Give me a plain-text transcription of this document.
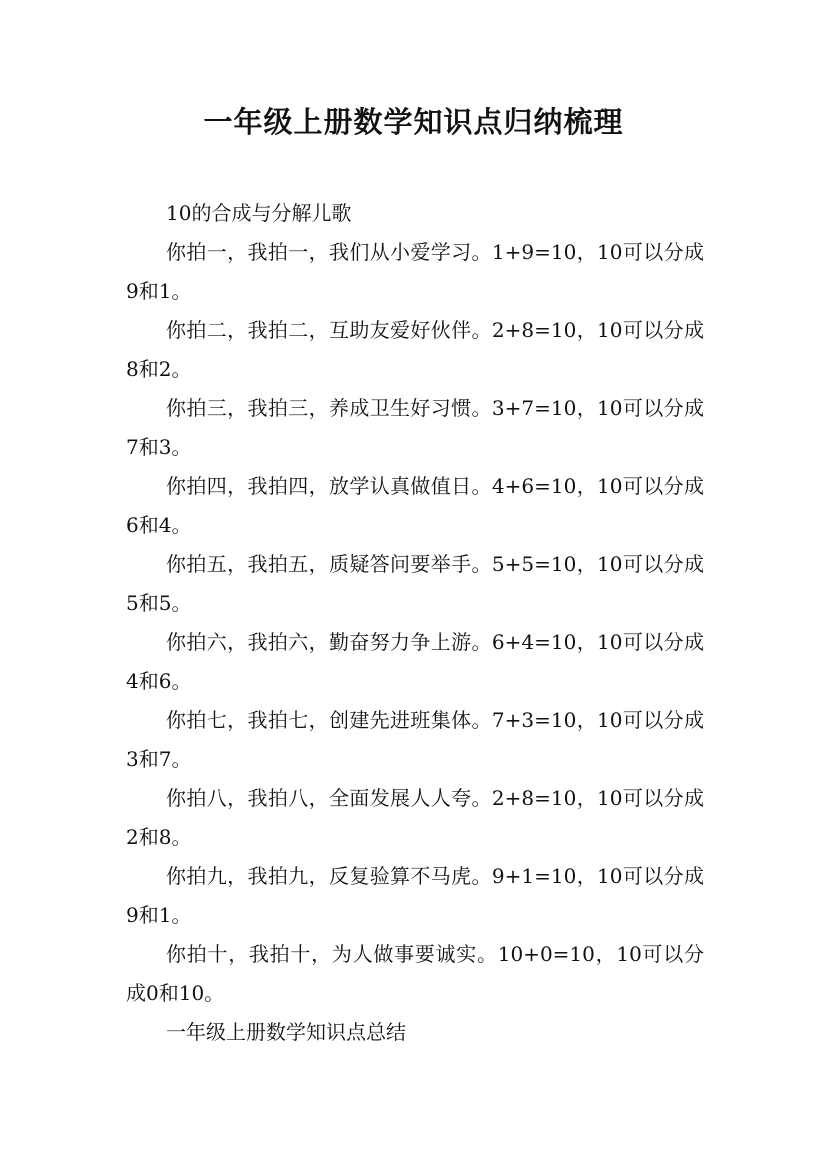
一年级上册数学知识点归纳梳理

10的合成与分解儿歌

你拍一，我拍一，我们从小爱学习。1+9=10，10可以分成9和1。

你拍二，我拍二，互助友爱好伙伴。2+8=10，10可以分成8和2。

你拍三，我拍三，养成卫生好习惯。3+7=10，10可以分成7和3。

你拍四，我拍四，放学认真做值日。4+6=10，10可以分成6和4。

你拍五，我拍五，质疑答问要举手。5+5=10，10可以分成5和5。

你拍六，我拍六，勤奋努力争上游。6+4=10，10可以分成4和6。

你拍七，我拍七，创建先进班集体。7+3=10，10可以分成3和7。

你拍八，我拍八，全面发展人人夸。2+8=10，10可以分成2和8。

你拍九，我拍九，反复验算不马虎。9+1=10，10可以分成9和1。

你拍十，我拍十，为人做事要诚实。10+0=10，10可以分成0和10。

一年级上册数学知识点总结
